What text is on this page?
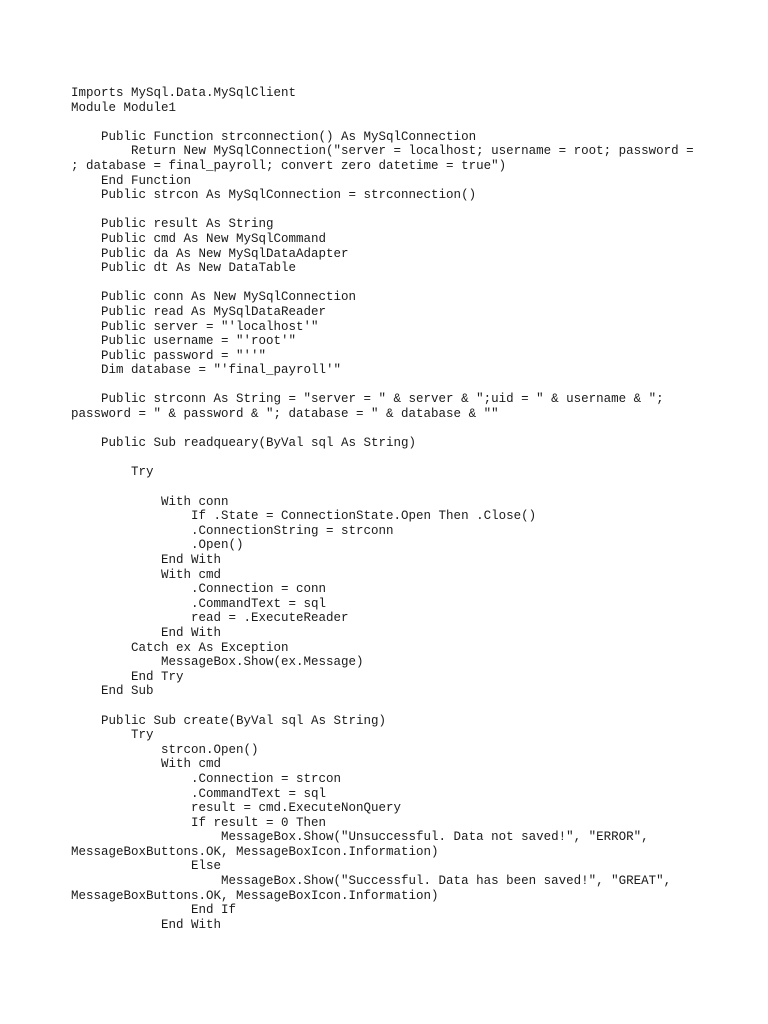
Imports MySql.Data.MySqlClient
Module Module1
Public Function strconnection() As MySqlConnection
Return New MySqlConnection("server = localhost; username = root; password =
; database = final_payroll; convert zero datetime = true")
End Function
Public strcon As MySqlConnection = strconnection()
Public result As String
Public cmd As New MySqlCommand
Public da As New MySqlDataAdapter
Public dt As New DataTable
Public conn As New MySqlConnection
Public read As MySqlDataReader
Public server = "'localhost'"
Public username = "'root'"
Public password = "''"
Dim database = "'final_payroll'"
Public strconn As String = "server = " & server & ";uid = " & username & ";
password = " & password & "; database = " & database & ""
Public Sub readqueary(ByVal sql As String)
Try
With conn
If .State = ConnectionState.Open Then .Close()
.ConnectionString = strconn
.Open()
End With
With cmd
.Connection = conn
.CommandText = sql
read = .ExecuteReader
End With
Catch ex As Exception
MessageBox.Show(ex.Message)
End Try
End Sub
Public Sub create(ByVal sql As String)
Try
strcon.Open()
With cmd
.Connection = strcon
.CommandText = sql
result = cmd.ExecuteNonQuery
If result = 0 Then
MessageBox.Show("Unsuccessful. Data not saved!", "ERROR",
MessageBoxButtons.OK, MessageBoxIcon.Information)
Else
MessageBox.Show("Successful. Data has been saved!", "GREAT",
MessageBoxButtons.OK, MessageBoxIcon.Information)
End If
End With
